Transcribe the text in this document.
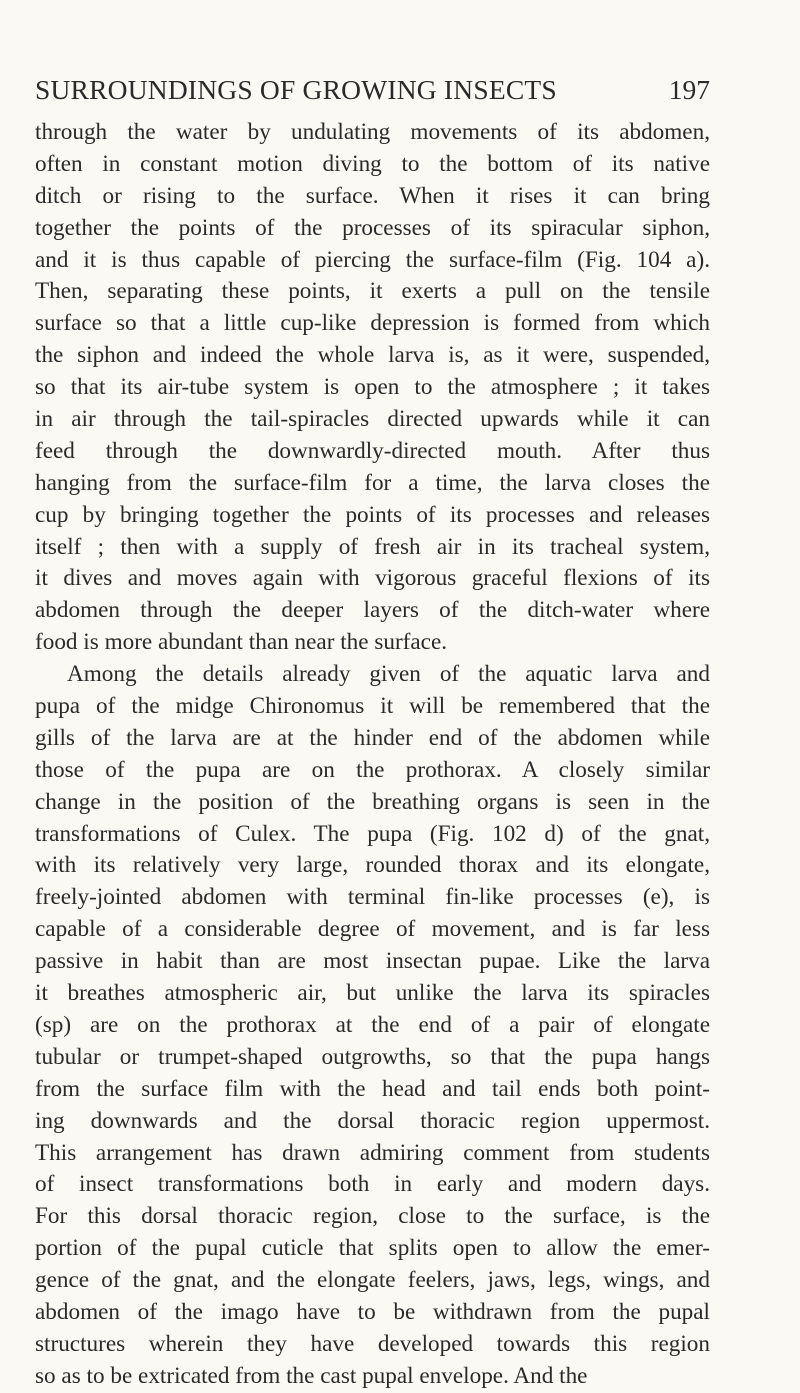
SURROUNDINGS OF GROWING INSECTS	197
through the water by undulating movements of its abdomen,
often in constant motion diving to the bottom of its native
ditch or rising to the surface. When it rises it can bring
together the points of the processes of its spiracular siphon,
and it is thus capable of piercing the surface-film (Fig. 104 a).
Then, separating these points, it exerts a pull on the tensile
surface so that a little cup-like depression is formed from which
the siphon and indeed the whole larva is, as it were, suspended,
so that its air-tube system is open to the atmosphere ; it takes
in air through the tail-spiracles directed upwards while it can
feed through the downwardly-directed mouth. After thus
hanging from the surface-film for a time, the larva closes the
cup by bringing together the points of its processes and releases
itself ; then with a supply of fresh air in its tracheal system,
it dives and moves again with vigorous graceful flexions of its
abdomen through the deeper layers of the ditch-water where
food is more abundant than near the surface.
Among the details already given of the aquatic larva and
pupa of the midge Chironomus it will be remembered that the
gills of the larva are at the hinder end of the abdomen while
those of the pupa are on the prothorax. A closely similar
change in the position of the breathing organs is seen in the
transformations of Culex. The pupa (Fig. 102 d) of the gnat,
with its relatively very large, rounded thorax and its elongate,
freely-jointed abdomen with terminal fin-like processes (e), is
capable of a considerable degree of movement, and is far less
passive in habit than are most insectan pupae. Like the larva
it breathes atmospheric air, but unlike the larva its spiracles
(sp) are on the prothorax at the end of a pair of elongate
tubular or trumpet-shaped outgrowths, so that the pupa hangs
from the surface film with the head and tail ends both point-
ing downwards and the dorsal thoracic region uppermost.
This arrangement has drawn admiring comment from students
of insect transformations both in early and modern days.
For this dorsal thoracic region, close to the surface, is the
portion of the pupal cuticle that splits open to allow the emer-
gence of the gnat, and the elongate feelers, jaws, legs, wings, and
abdomen of the imago have to be withdrawn from the pupal
structures wherein they have developed towards this region
so as to be extricated from the cast pupal envelope. And the
